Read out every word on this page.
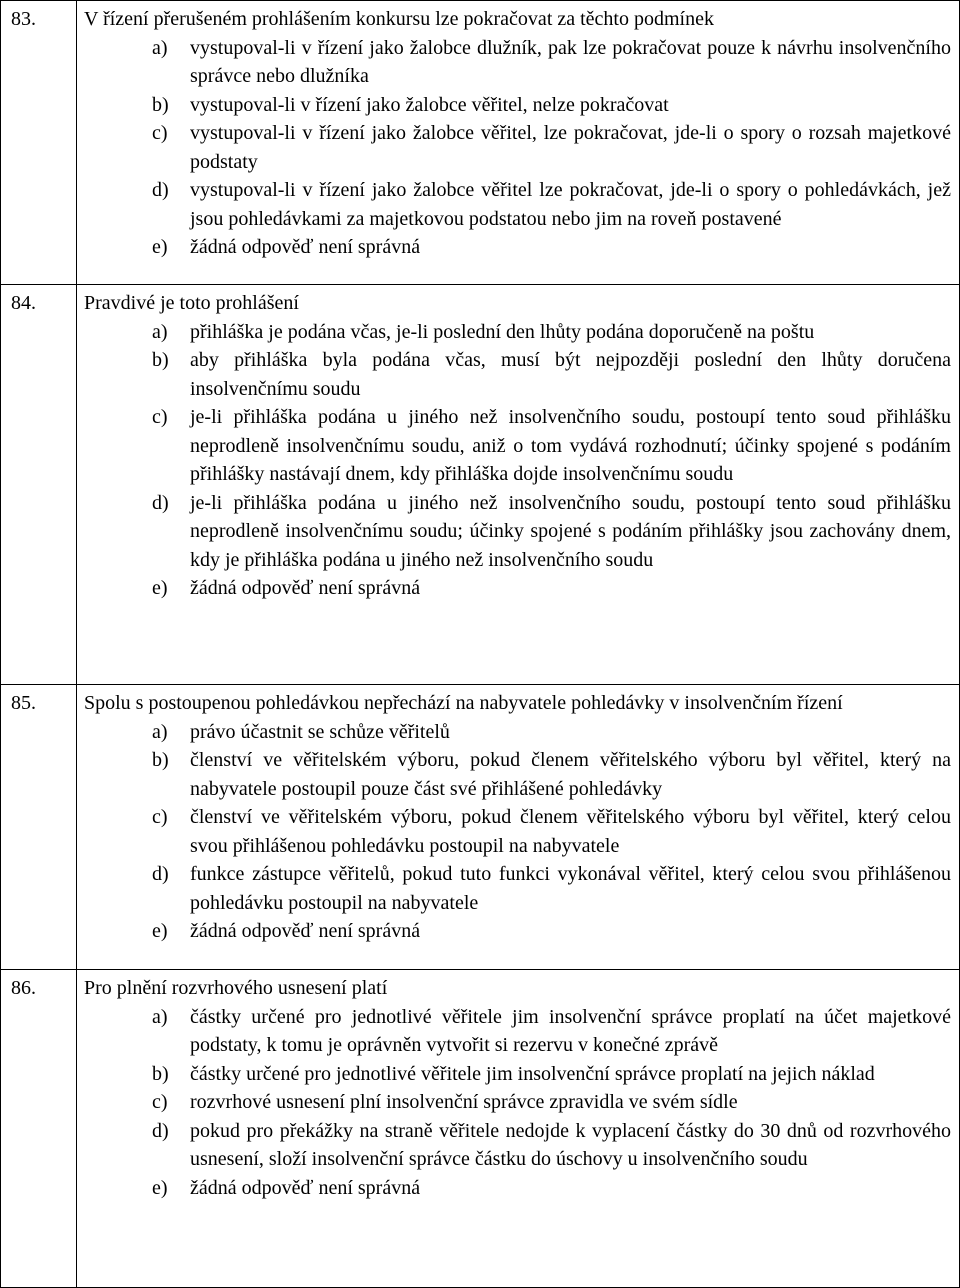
83. V řízení přerušeném prohlášením konkursu lze pokračovat za těchto podmínek
a) vystupoval-li v řízení jako žalobce dlužník, pak lze pokračovat pouze k návrhu insolvenčního správce nebo dlužníka
b) vystupoval-li v řízení jako žalobce věřitel, nelze pokračovat
c) vystupoval-li v řízení jako žalobce věřitel, lze pokračovat, jde-li o spory o rozsah majetkové podstaty
d) vystupoval-li v řízení jako žalobce věřitel lze pokračovat, jde-li o spory o pohledávkách, jež jsou pohledávkami za majetkovou podstatou nebo jim na roveň postavené
e) žádná odpověď není správná
84. Pravdivé je toto prohlášení
a) přihláška je podána včas, je-li poslední den lhůty podána doporučeně na poštu
b) aby přihláška byla podána včas, musí být nejpozději poslední den lhůty doručena insolvenčnímu soudu
c) je-li přihláška podána u jiného než insolvenčního soudu, postoupí tento soud přihlášku neprodleně insolvenčnímu soudu, aniž o tom vydává rozhodnutí; účinky spojené s podáním přihlášky nastávají dnem, kdy přihláška dojde insolvenčnímu soudu
d) je-li přihláška podána u jiného než insolvenčního soudu, postoupí tento soud přihlášku neprodleně insolvenčnímu soudu; účinky spojené s podáním přihlášky jsou zachovány dnem, kdy je přihláška podána u jiného než insolvenčního soudu
e) žádná odpověď není správná
85. Spolu s postoupenou pohledávkou nepřechází na nabyvatele pohledávky v insolvenčním řízení
a) právo účastnit se schůze věřitelů
b) členství ve věřitelském výboru, pokud členem věřitelského výboru byl věřitel, který na nabyvatele postoupil pouze část své přihlášené pohledávky
c) členství ve věřitelském výboru, pokud členem věřitelského výboru byl věřitel, který celou svou přihlášenou pohledávku postoupil na nabyvatele
d) funkce zástupce věřitelů, pokud tuto funkci vykonával věřitel, který celou svou přihlášenou pohledávku postoupil na nabyvatele
e) žádná odpověď není správná
86. Pro plnění rozvrhového usnesení platí
a) částky určené pro jednotlivé věřitele jim insolvenční správce proplatí na účet majetkové podstaty, k tomu je oprávněn vytvořit si rezervu v konečné zprávě
b) částky určené pro jednotlivé věřitele jim insolvenční správce proplatí na jejich náklad
c) rozvrhové usnesení plní insolvenční správce zpravidla ve svém sídle
d) pokud pro překážky na straně věřitele nedojde k vyplacení částky do 30 dnů od rozvrhového usnesení, složí insolvenční správce částku do úschovy u insolvenčního soudu
e) žádná odpověď není správná
